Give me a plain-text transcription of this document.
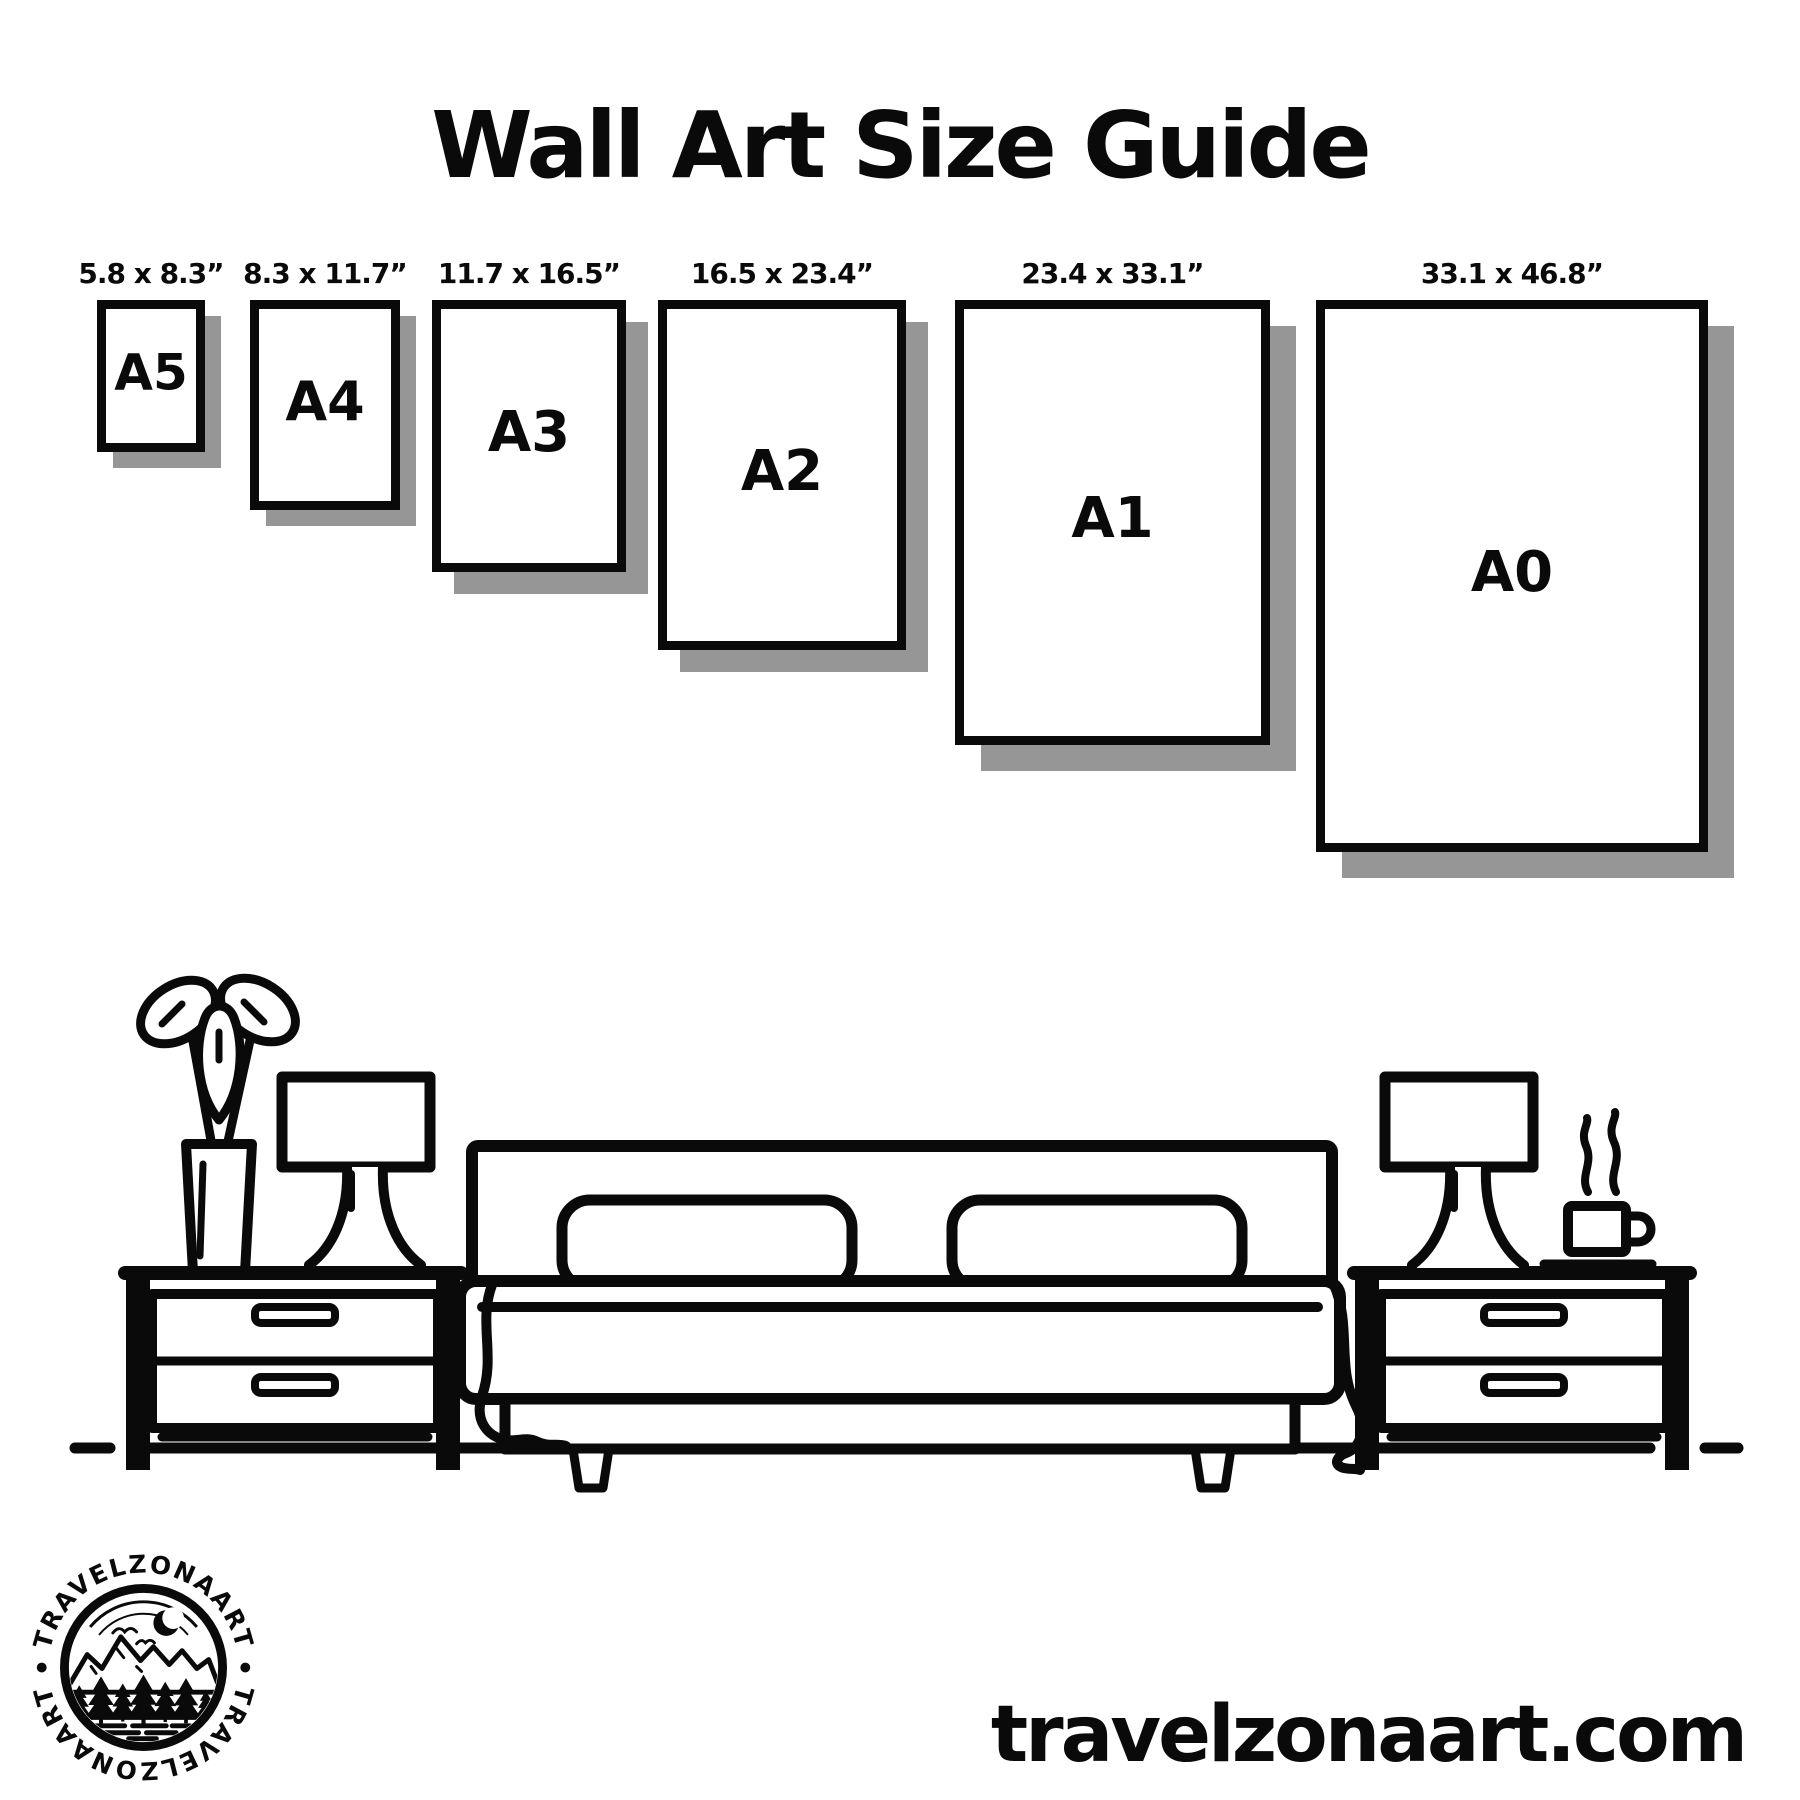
Wall Art Size Guide
5.8 x 8.3”
A5
8.3 x 11.7”
A4
11.7 x 16.5”
A3
16.5 x 23.4”
A2
23.4 x 33.1”
A1
33.1 x 46.8”
A0
TRAVELZONAART
TRAVELZONAART	travelzonaart.com
